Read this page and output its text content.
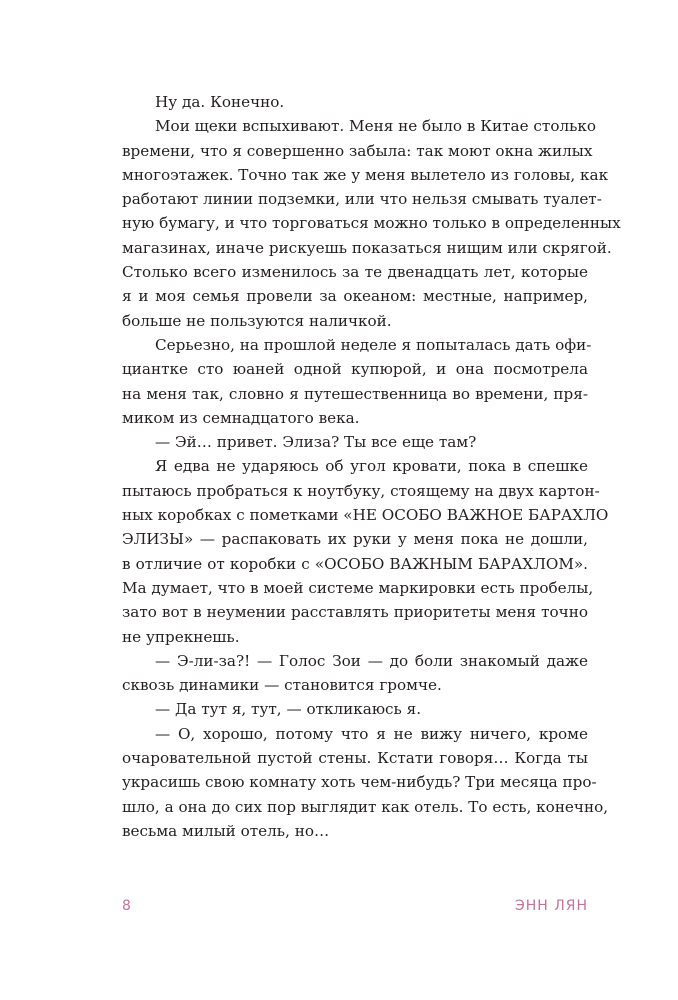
Ну да. Конечно.
Мои щеки вспыхивают. Меня не было в Китае столько
времени, что я совершенно забыла: так моют окна жилых
многоэтажек. Точно так же у меня вылетело из головы, как
работают линии подземки, или что нельзя смывать туалет-
ную бумагу, и что торговаться можно только в определенных
магазинах, иначе рискуешь показаться нищим или скрягой.
Столько всего изменилось за те двенадцать лет, которые
я и моя семья провели за океаном: местные, например,
больше не пользуются наличкой.
Серьезно, на прошлой неделе я попыталась дать офи-
циантке сто юаней одной купюрой, и она посмотрела
на меня так, словно я путешественница во времени, пря-
миком из семнадцатого века.
— Эй… привет. Элиза? Ты все еще там?
Я едва не ударяюсь об угол кровати, пока в спешке
пытаюсь пробраться к ноутбуку, стоящему на двух картон-
ных коробках с пометками «НЕ ОСОБО ВАЖНОЕ БАРАХЛО
ЭЛИЗЫ» — распаковать их руки у меня пока не дошли,
в отличие от коробки с «ОСОБО ВАЖНЫМ БАРАХЛОМ».
Ма думает, что в моей системе маркировки есть пробелы,
зато вот в неумении расставлять приоритеты меня точно
не упрекнешь.
— Э-ли-за?! — Голос Зои — до боли знакомый даже
сквозь динамики — становится громче.
— Да тут я, тут, — откликаюсь я.
— О, хорошо, потому что я не вижу ничего, кроме
очаровательной пустой стены. Кстати говоря… Когда ты
украсишь свою комнату хоть чем-нибудь? Три месяца про-
шло, а она до сих пор выглядит как отель. То есть, конечно,
весьма милый отель, но…
8	ЭНН ЛЯН
